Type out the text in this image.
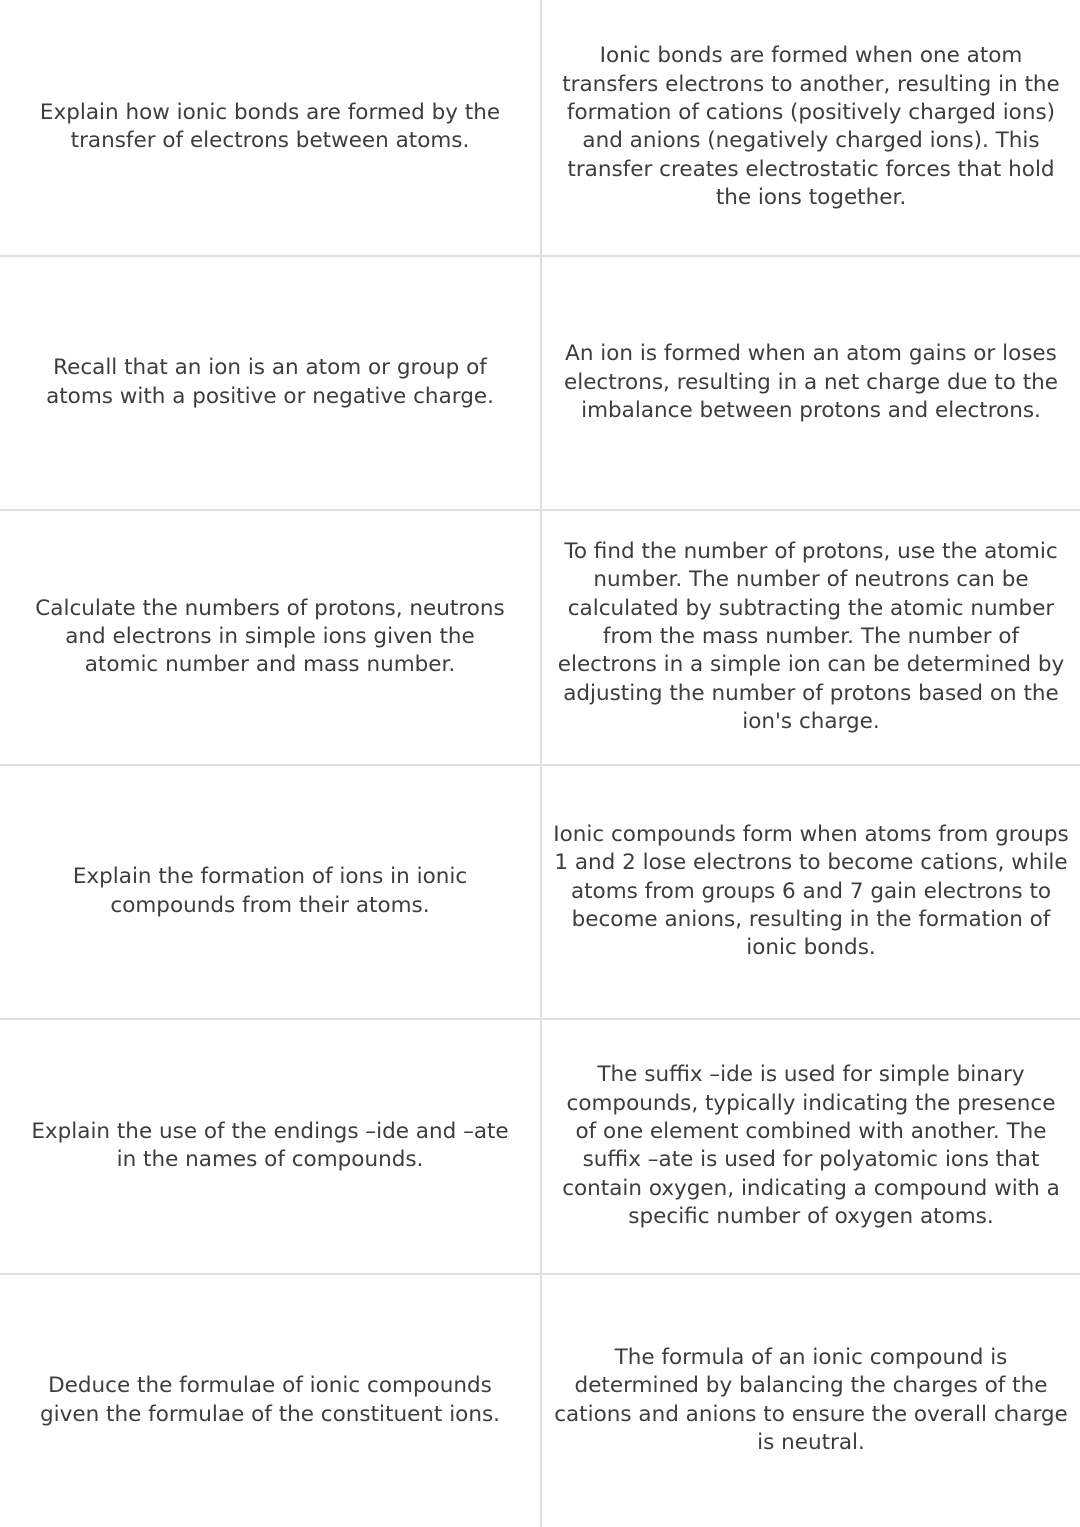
Explain how ionic bonds are formed by the transfer of electrons between atoms.
Ionic bonds are formed when one atom transfers electrons to another, resulting in the formation of cations (positively charged ions) and anions (negatively charged ions). This transfer creates electrostatic forces that hold the ions together.
Recall that an ion is an atom or group of atoms with a positive or negative charge.
An ion is formed when an atom gains or loses electrons, resulting in a net charge due to the imbalance between protons and electrons.
Calculate the numbers of protons, neutrons and electrons in simple ions given the atomic number and mass number.
To find the number of protons, use the atomic number. The number of neutrons can be calculated by subtracting the atomic number from the mass number. The number of electrons in a simple ion can be determined by adjusting the number of protons based on the ion's charge.
Explain the formation of ions in ionic compounds from their atoms.
Ionic compounds form when atoms from groups 1 and 2 lose electrons to become cations, while atoms from groups 6 and 7 gain electrons to become anions, resulting in the formation of ionic bonds.
Explain the use of the endings –ide and –ate in the names of compounds.
The suffix –ide is used for simple binary compounds, typically indicating the presence of one element combined with another. The suffix –ate is used for polyatomic ions that contain oxygen, indicating a compound with a specific number of oxygen atoms.
Deduce the formulae of ionic compounds given the formulae of the constituent ions.
The formula of an ionic compound is determined by balancing the charges of the cations and anions to ensure the overall charge is neutral.
